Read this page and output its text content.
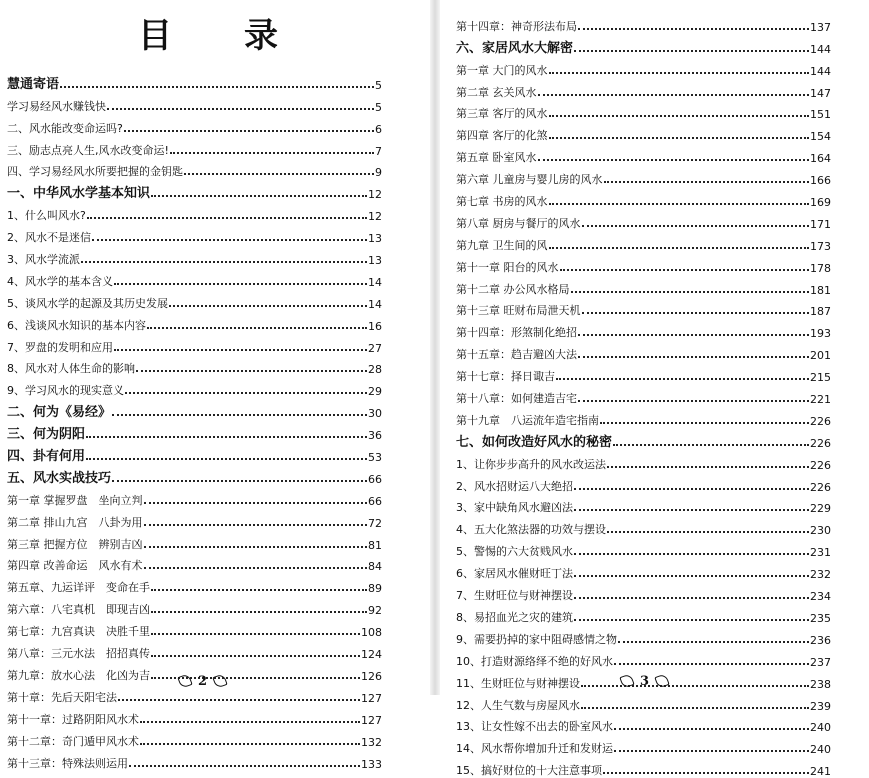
目 录
慧通寄语	5
学习易经风水赚钱快	5
二、风水能改变命运吗?	6
三、励志点亮人生,风水改变命运!	7
四、学习易经风水所要把握的金钥匙	9
一、中华风水学基本知识	12
1、什么叫风水?	12
2、风水不是迷信	13
3、风水学流派	13
4、风水学的基本含义	14
5、谈风水学的起源及其历史发展	14
6、浅谈风水知识的基本内容	16
7、罗盘的发明和应用	27
8、风水对人体生命的影响	28
9、学习风水的现实意义	29
二、何为《易经》	30
三、何为阴阳	36
四、卦有何用	53
五、风水实战技巧	66
第一章 掌握罗盘　坐向立判	66
第二章 排山九宫　八卦为用	72
第三章 把握方位　辨别吉凶	81
第四章 改善命运　风水有术	84
第五章、九运详评　变命在手	89
第六章：八宅真机　即现吉凶	92
第七章：九宫真诀　决胜千里	108
第八章：三元水法　招招真传	124
第九章：放水心法　化凶为吉	126
第十章：先后天阳宅法	127
第十一章：过路阴阳风水术	127
第十二章：奇门遁甲风水术	132
第十三章：特殊法则运用	133
2
第十四章：神奇形法布局	137
六、家居风水大解密	144
第一章 大门的风水	144
第二章 玄关风水	147
第三章 客厅的风水	151
第四章 客厅的化煞	154
第五章 卧室风水	164
第六章 儿童房与婴儿房的风水	166
第七章 书房的风水	169
第八章 厨房与餐厅的风水	171
第九章 卫生间的风	173
第十一章 阳台的风水	178
第十二章 办公风水格局	181
第十三章 旺财布局泄天机	187
第十四章：形煞制化绝招	193
第十五章：趋吉避凶大法	201
第十七章：择日诹吉	215
第十八章：如何建造吉宅	221
第十九章　八运流年造宅指南	226
七、如何改造好风水的秘密	226
1、让你步步高升的风水改运法	226
2、风水招财运八大绝招	226
3、家中缺角风水避凶法	229
4、五大化煞法器的功效与摆设	230
5、警惕的六大贫贱风水	231
6、家居风水催财旺丁法	232
7、生财旺位与财神摆设	234
8、易招血光之灾的建筑	235
9、需要扔掉的家中阻碍感情之物	236
10、打造财源络绎不绝的好风水	237
11、生财旺位与财神摆设	238
12、人生气数与房屋风水	239
13、让女性嫁不出去的卧室风水	240
14、风水帮你增加升迁和发财运	240
15、搞好财位的十大注意事项	241
3
